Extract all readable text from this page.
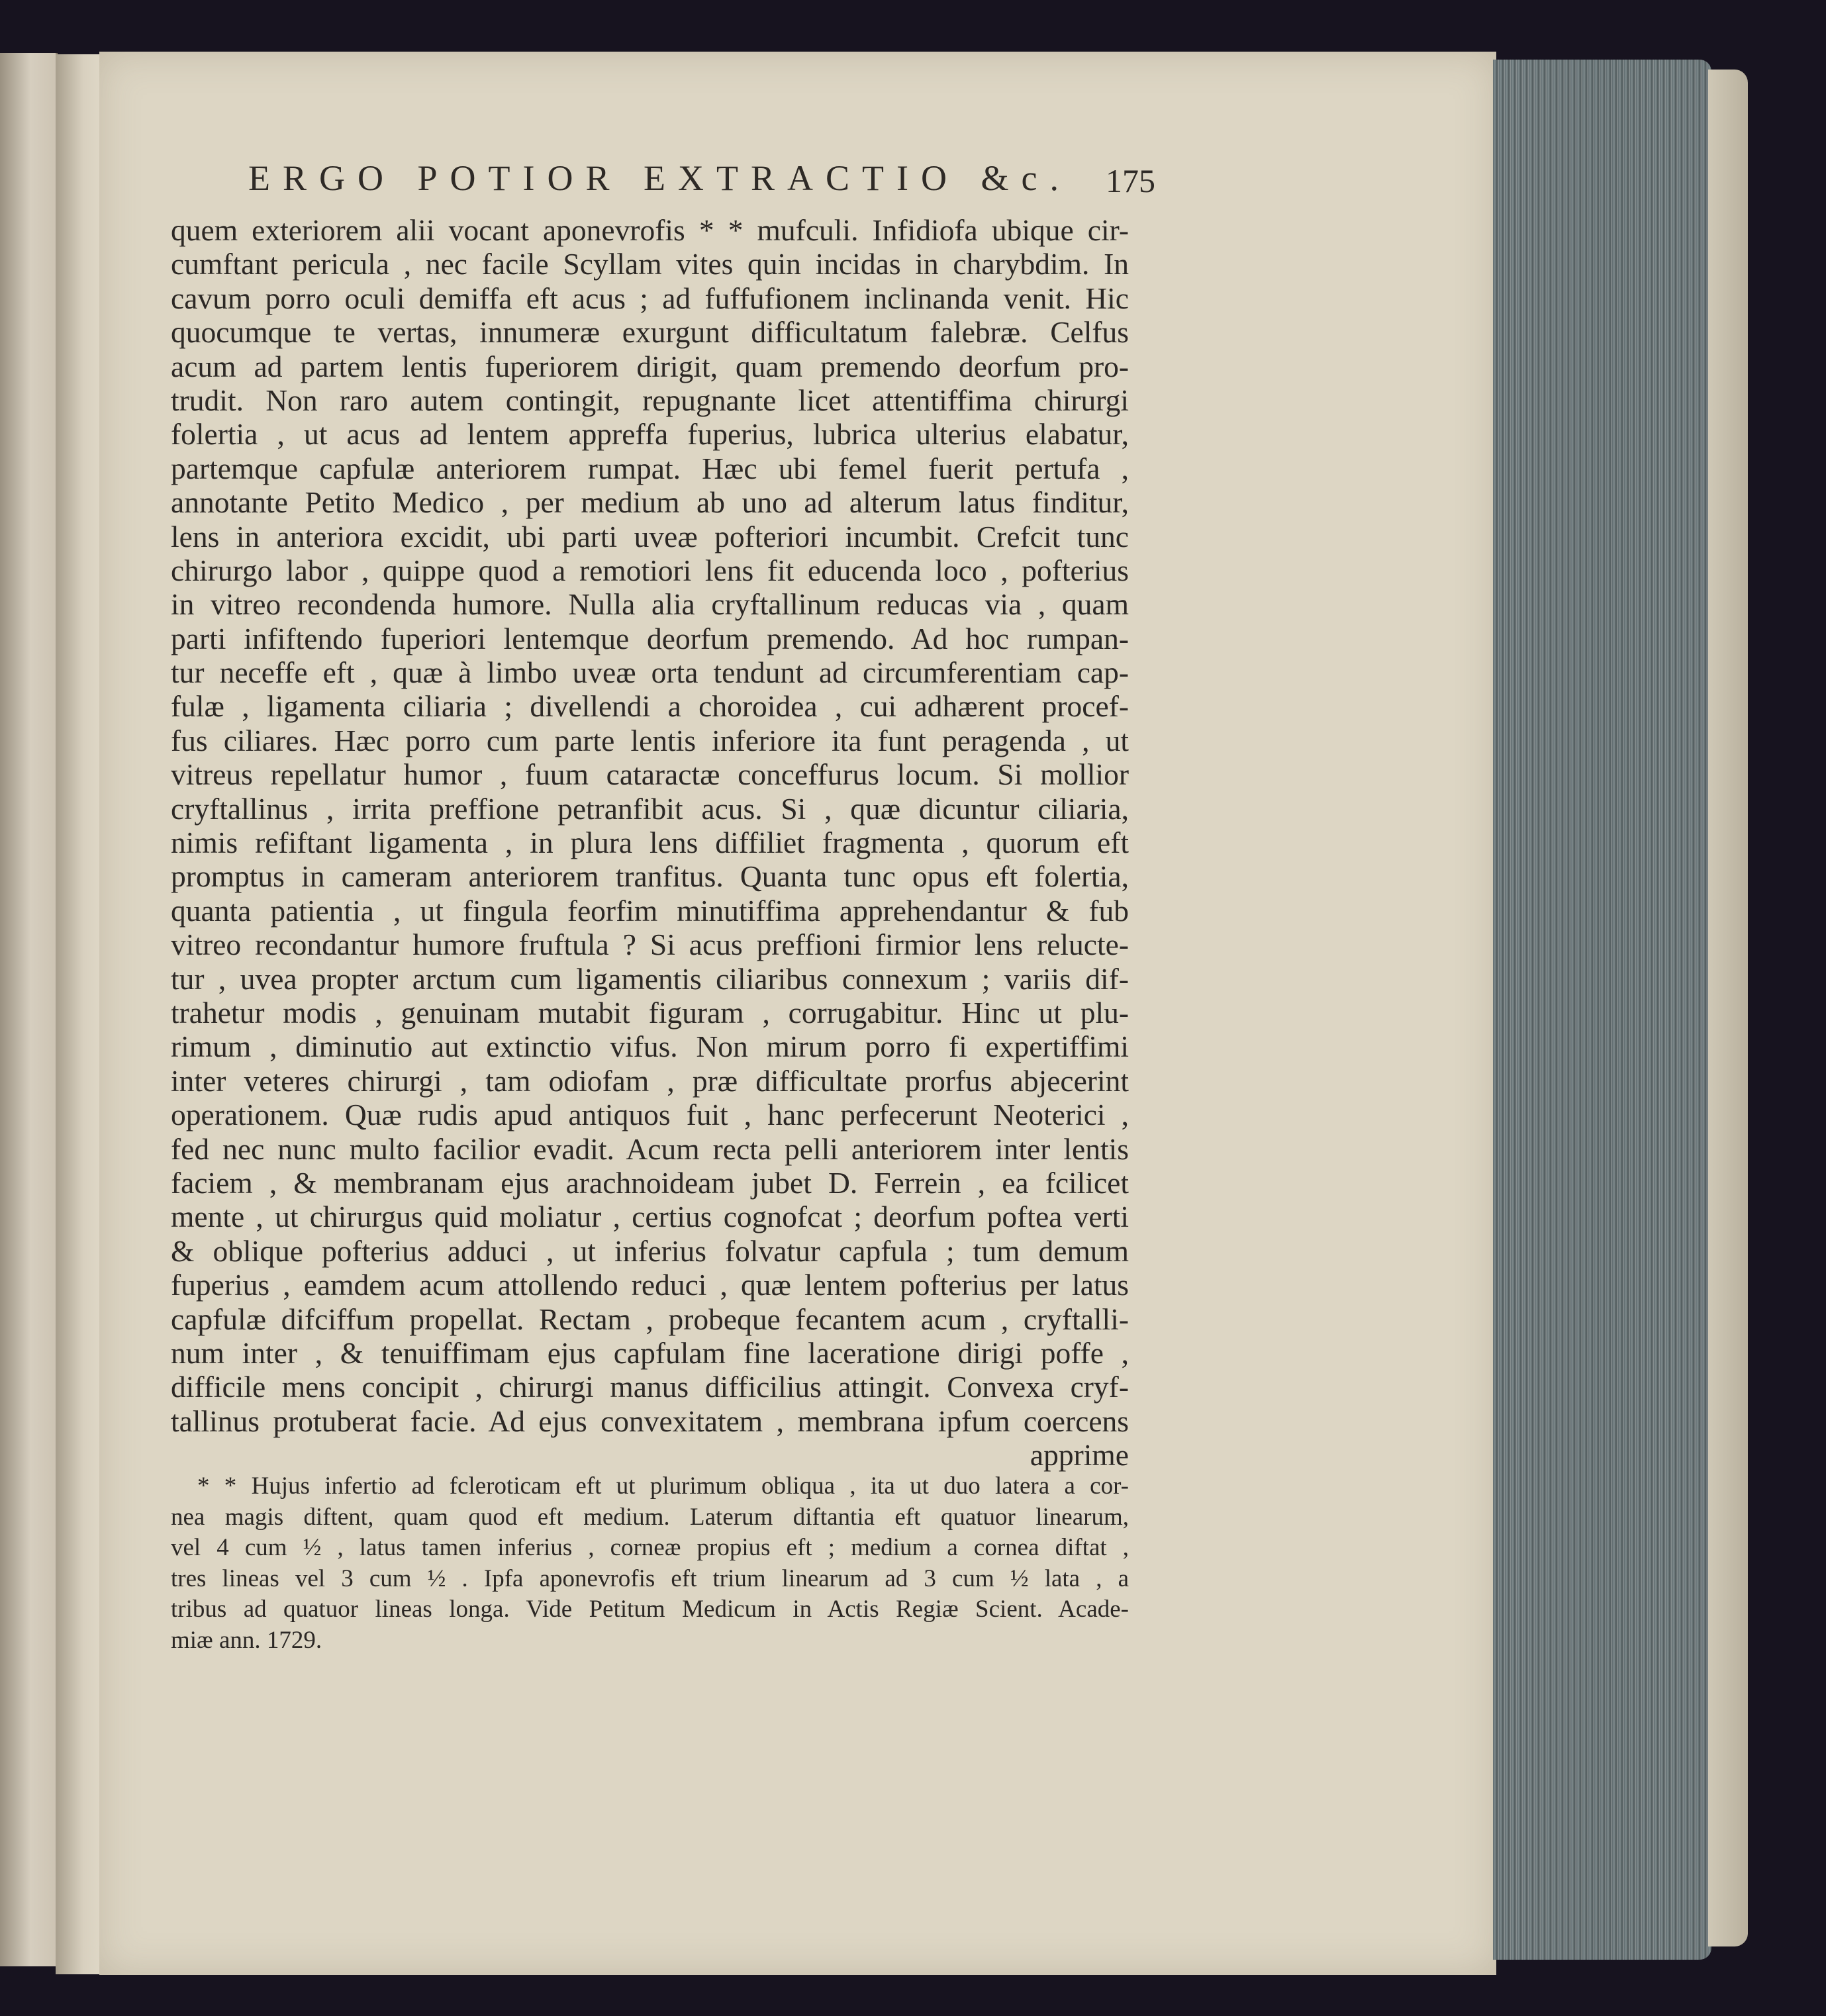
ERGO POTIOR EXTRACTIO &c. 175
quem exteriorem alii vocant aponevrofis * * mufculi. Infidiofa ubique cir-
cumftant pericula , nec facile Scyllam vites quin incidas in charybdim. In
cavum porro oculi demiffa eft acus ; ad fuffufionem inclinanda venit. Hic
quocumque te vertas, innumeræ exurgunt difficultatum falebræ. Celfus
acum ad partem lentis fuperiorem dirigit, quam premendo deorfum pro-
trudit. Non raro autem contingit, repugnante licet attentiffima chirurgi
folertia , ut acus ad lentem appreffa fuperius, lubrica ulterius elabatur,
partemque capfulæ anteriorem rumpat. Hæc ubi femel fuerit pertufa ,
annotante Petito Medico , per medium ab uno ad alterum latus finditur,
lens in anteriora excidit, ubi parti uveæ pofteriori incumbit. Crefcit tunc
chirurgo labor , quippe quod a remotiori lens fit educenda loco , pofterius
in vitreo recondenda humore. Nulla alia cryftallinum reducas via , quam
parti infiftendo fuperiori lentemque deorfum premendo. Ad hoc rumpan-
tur neceffe eft , quæ à limbo uveæ orta tendunt ad circumferentiam cap-
fulæ , ligamenta ciliaria ; divellendi a choroidea , cui adhærent procef-
fus ciliares. Hæc porro cum parte lentis inferiore ita funt peragenda , ut
vitreus repellatur humor , fuum cataractæ conceffurus locum. Si mollior
cryftallinus , irrita preffione petranfibit acus. Si , quæ dicuntur ciliaria,
nimis refiftant ligamenta , in plura lens diffiliet fragmenta , quorum eft
promptus in cameram anteriorem tranfitus. Quanta tunc opus eft folertia,
quanta patientia , ut fingula feorfim minutiffima apprehendantur & fub
vitreo recondantur humore fruftula ? Si acus preffioni firmior lens relucte-
tur , uvea propter arctum cum ligamentis ciliaribus connexum ; variis dif-
trahetur modis , genuinam mutabit figuram , corrugabitur. Hinc ut plu-
rimum , diminutio aut extinctio vifus. Non mirum porro fi expertiffimi
inter veteres chirurgi , tam odiofam , præ difficultate prorfus abjecerint
operationem. Quæ rudis apud antiquos fuit , hanc perfecerunt Neoterici ,
fed nec nunc multo facilior evadit. Acum recta pelli anteriorem inter lentis
faciem , & membranam ejus arachnoideam jubet D. Ferrein , ea fcilicet
mente , ut chirurgus quid moliatur , certius cognofcat ; deorfum poftea verti
& oblique pofterius adduci , ut inferius folvatur capfula ; tum demum
fuperius , eamdem acum attollendo reduci , quæ lentem pofterius per latus
capfulæ difciffum propellat. Rectam , probeque fecantem acum , cryftalli-
num inter , & tenuiffimam ejus capfulam fine laceratione dirigi poffe ,
difficile mens concipit , chirurgi manus difficilius attingit. Convexa cryf-
tallinus protuberat facie. Ad ejus convexitatem , membrana ipfum coercens
apprime
* * Hujus infertio ad fcleroticam eft ut plurimum obliqua , ita ut duo latera a cor-
nea magis diftent, quam quod eft medium. Laterum diftantia eft quatuor linearum,
vel 4 cum ½ , latus tamen inferius , corneæ propius eft ; medium a cornea diftat ,
tres lineas vel 3 cum ½ . Ipfa aponevrofis eft trium linearum ad 3 cum ½ lata , a
tribus ad quatuor lineas longa. Vide Petitum Medicum in Actis Regiæ Scient. Acade-
miæ ann. 1729.
